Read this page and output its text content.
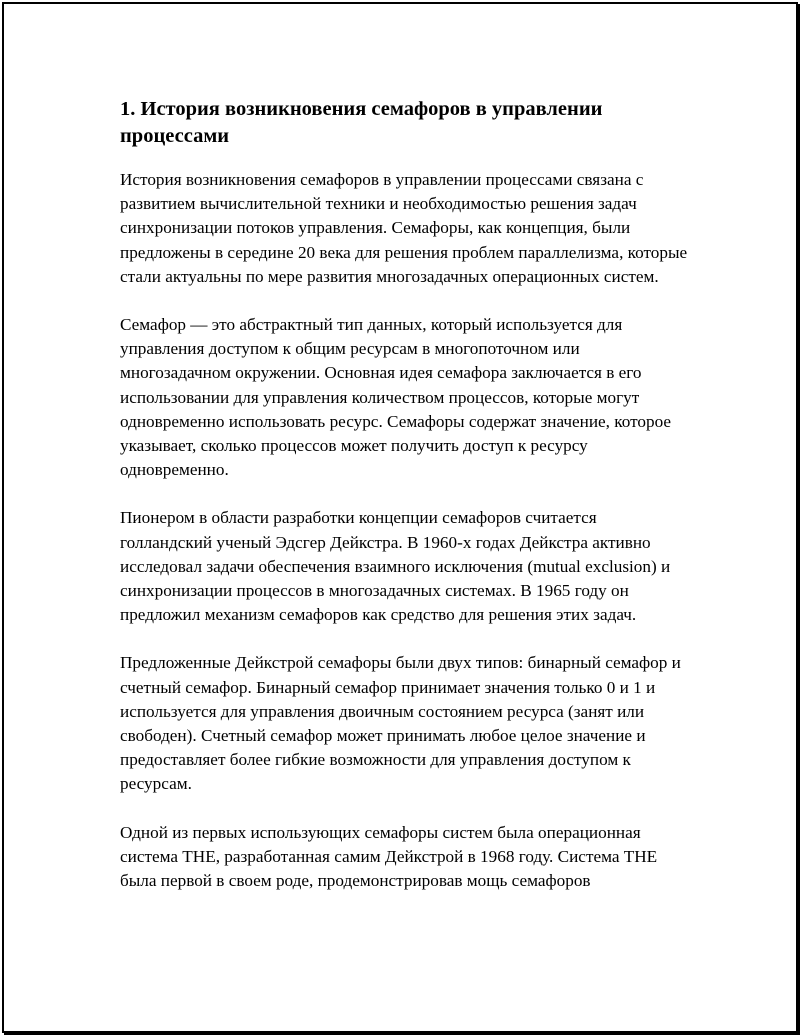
1. История возникновения семафоров в управлении процессами

История возникновения семафоров в управлении процессами связана с развитием вычислительной техники и необходимостью решения задач синхронизации потоков управления. Семафоры, как концепция, были предложены в середине 20 века для решения проблем параллелизма, которые стали актуальны по мере развития многозадачных операционных систем.

Семафор — это абстрактный тип данных, который используется для управления доступом к общим ресурсам в многопоточном или многозадачном окружении. Основная идея семафора заключается в его использовании для управления количеством процессов, которые могут одновременно использовать ресурс. Семафоры содержат значение, которое указывает, сколько процессов может получить доступ к ресурсу одновременно.

Пионером в области разработки концепции семафоров считается голландский ученый Эдсгер Дейкстра. В 1960-х годах Дейкстра активно исследовал задачи обеспечения взаимного исключения (mutual exclusion) и синхронизации процессов в многозадачных системах. В 1965 году он предложил механизм семафоров как средство для решения этих задач.

Предложенные Дейкстрой семафоры были двух типов: бинарный семафор и счетный семафор. Бинарный семафор принимает значения только 0 и 1 и используется для управления двоичным состоянием ресурса (занят или свободен). Счетный семафор может принимать любое целое значение и предоставляет более гибкие возможности для управления доступом к ресурсам.

Одной из первых использующих семафоры систем была операционная система THE, разработанная самим Дейкстрой в 1968 году. Система THE была первой в своем роде, продемонстрировав мощь семафоров
